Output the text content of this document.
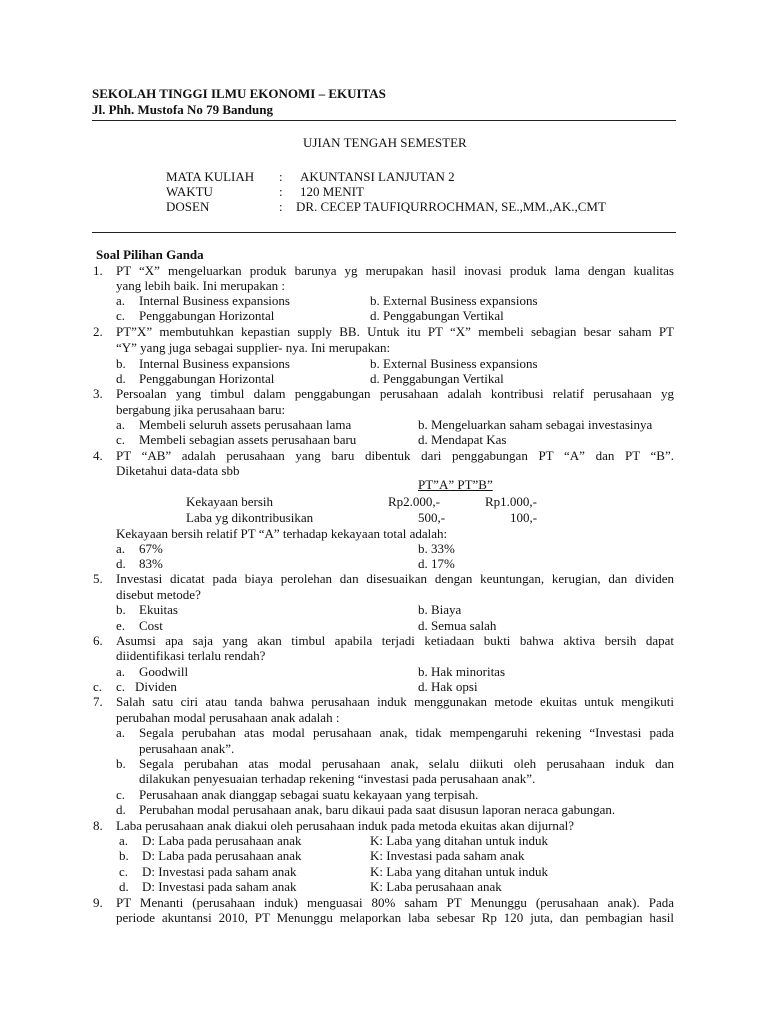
SEKOLAH TINGGI ILMU EKONOMI – EKUITAS
Jl. Phh. Mustofa No 79 Bandung
UJIAN TENGAH SEMESTER
MATA KULIAH : AKUNTANSI LANJUTAN 2
WAKTU	: 120 MENIT
DOSEN	: DR. CECEP TAUFIQURROCHMAN, SE.,MM.,AK.,CMT
Soal Pilihan Ganda
1. PT “X” mengeluarkan produk barunya yg merupakan hasil inovasi produk lama dengan kualitas
yang lebih baik. Ini merupakan :
a. Internal Business expansions	b. External Business expansions
c. Penggabungan Horizontal	d. Penggabungan Vertikal
2. PT”X” membutuhkan kepastian supply BB. Untuk itu PT “X” membeli sebagian besar saham PT
“Y” yang juga sebagai supplier- nya. Ini merupakan:
b. Internal Business expansions	b. External Business expansions
d. Penggabungan Horizontal	d. Penggabungan Vertikal
3. Persoalan yang timbul dalam penggabungan perusahaan adalah kontribusi relatif perusahaan yg
bergabung jika perusahaan baru:
a. Membeli seluruh assets perusahaan lama	b. Mengeluarkan saham sebagai investasinya
c. Membeli sebagian assets perusahaan baru	d. Mendapat Kas
4. PT “AB” adalah perusahaan yang baru dibentuk dari penggabungan PT “A” dan PT “B”.
Diketahui data-data sbb
PT”A” PT”B”
Kekayaan bersih	Rp2.000,-	Rp1.000,-
Laba yg dikontribusikan	500,-	100,-
Kekayaan bersih relatif PT “A” terhadap kekayaan total adalah:
a. 67%	b. 33%
d. 83%	d. 17%
5. Investasi dicatat pada biaya perolehan dan disesuaikan dengan keuntungan, kerugian, dan dividen
disebut metode?
b. Ekuitas	b. Biaya
e. Cost	d. Semua salah
6. Asumsi apa saja yang akan timbul apabila terjadi ketiadaan bukti bahwa aktiva bersih dapat
diidentifikasi terlalu rendah?
a. Goodwill	b. Hak minoritas
c. c. Dividen	d. Hak opsi
7. Salah satu ciri atau tanda bahwa perusahaan induk menggunakan metode ekuitas untuk mengikuti
perubahan modal perusahaan anak adalah :
a. Segala perubahan atas modal perusahaan anak, tidak mempengaruhi rekening “Investasi pada
perusahaan anak”.
b. Segala perubahan atas modal perusahaan anak, selalu diikuti oleh perusahaan induk dan
dilakukan penyesuaian terhadap rekening “investasi pada perusahaan anak”.
c. Perusahaan anak dianggap sebagai suatu kekayaan yang terpisah.
d. Perubahan modal perusahaan anak, baru dikaui pada saat disusun laporan neraca gabungan.
8. Laba perusahaan anak diakui oleh perusahaan induk pada metoda ekuitas akan dijurnal?
a. D: Laba pada perusahaan anak	K: Laba yang ditahan untuk induk
b. D: Laba pada perusahaan anak	K: Investasi pada saham anak
c. D: Investasi pada saham anak	K: Laba yang ditahan untuk induk
d. D: Investasi pada saham anak	K: Laba perusahaan anak
9. PT Menanti (perusahaan induk) menguasai 80% saham PT Menunggu (perusahaan anak). Pada
periode akuntansi 2010, PT Menunggu melaporkan laba sebesar Rp 120 juta, dan pembagian hasil
